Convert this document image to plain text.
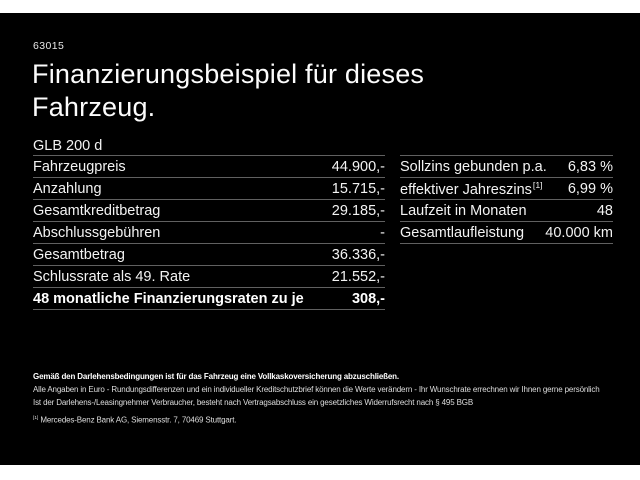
63015
Finanzierungsbeispiel für dieses Fahrzeug.
GLB 200 d
Fahrzeugpreis	44.900,-
Anzahlung	15.715,-
Gesamtkreditbetrag	29.185,-
Abschlussgebühren	-
Gesamtbetrag	36.336,-
Schlussrate als 49. Rate	21.552,-
48 monatliche Finanzierungsraten zu je	308,-
Sollzins gebunden p.a. 6,83 %
effektiver Jahreszins[1] 6,99 %
Laufzeit in Monaten	48
Gesamtlaufleistung 40.000 km
Gemäß den Darlehensbedingungen ist für das Fahrzeug eine Vollkaskoversicherung abzuschließen.
Alle Angaben in Euro - Rundungsdifferenzen und ein individueller Kreditschutzbrief können die Werte verändern - Ihr Wunschrate errechnen wir Ihnen gerne persönlich
Ist der Darlehens-/Leasingnehmer Verbraucher, besteht nach Vertragsabschluss ein gesetzliches Widerrufsrecht nach § 495 BGB
[1] Mercedes-Benz Bank AG, Siemensstr. 7, 70469 Stuttgart.
